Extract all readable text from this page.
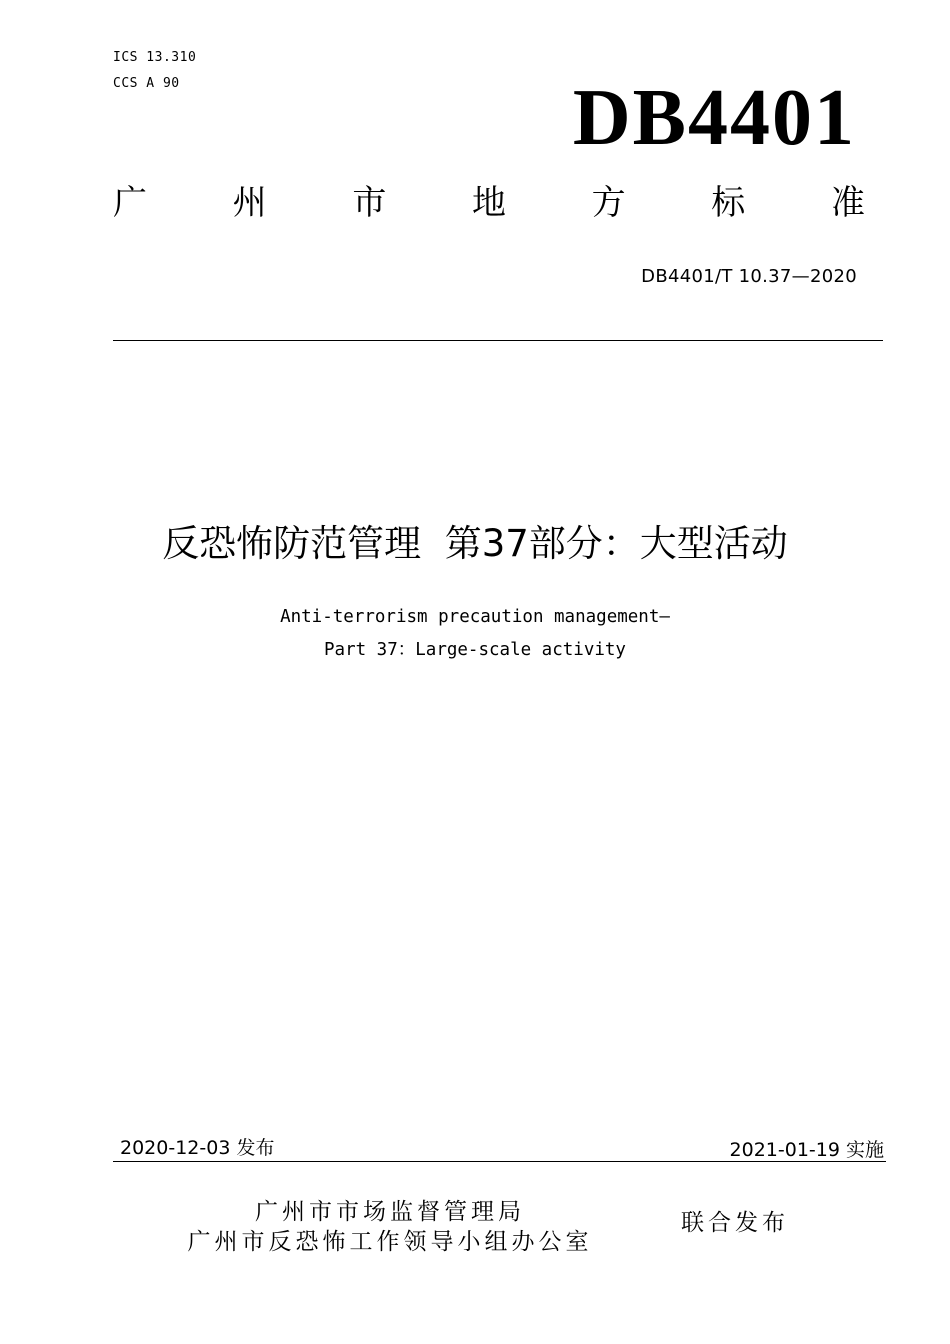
ICS 13.310
CCS A 90	DB4401
广	州	市	地	方	标	准
DB4401/T 10.37—2020
反恐怖防范管理  第37部分：大型活动
Anti-terrorism precaution management—
Part 37：Large-scale activity
2020-12-03 发布	2021-01-19 实施
广州市市场监督管理局
广州市反恐怖工作领导小组办公室
联合发布
